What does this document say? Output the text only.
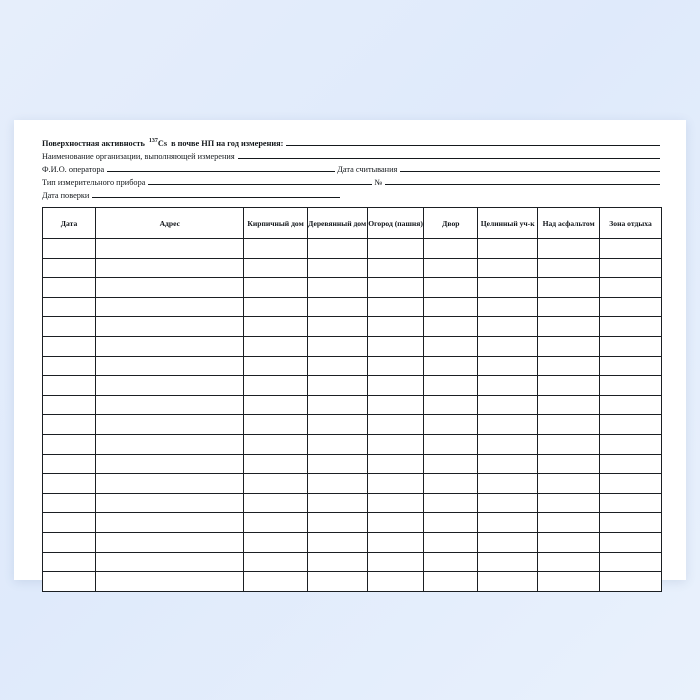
Поверхностная активность $^{137}$Cs в почве НП на год измерения:
Наименование организации, выполняющей измерения
Ф.И.О. оператора	Дата считывания
Тип измерительного прибора	№
Дата поверки
Дата	Адрес	Кирпичный дом	Деревянный дом	Огород (пашня)	Двор	Целинный уч-к	Над асфальтом	Зона отдыха
